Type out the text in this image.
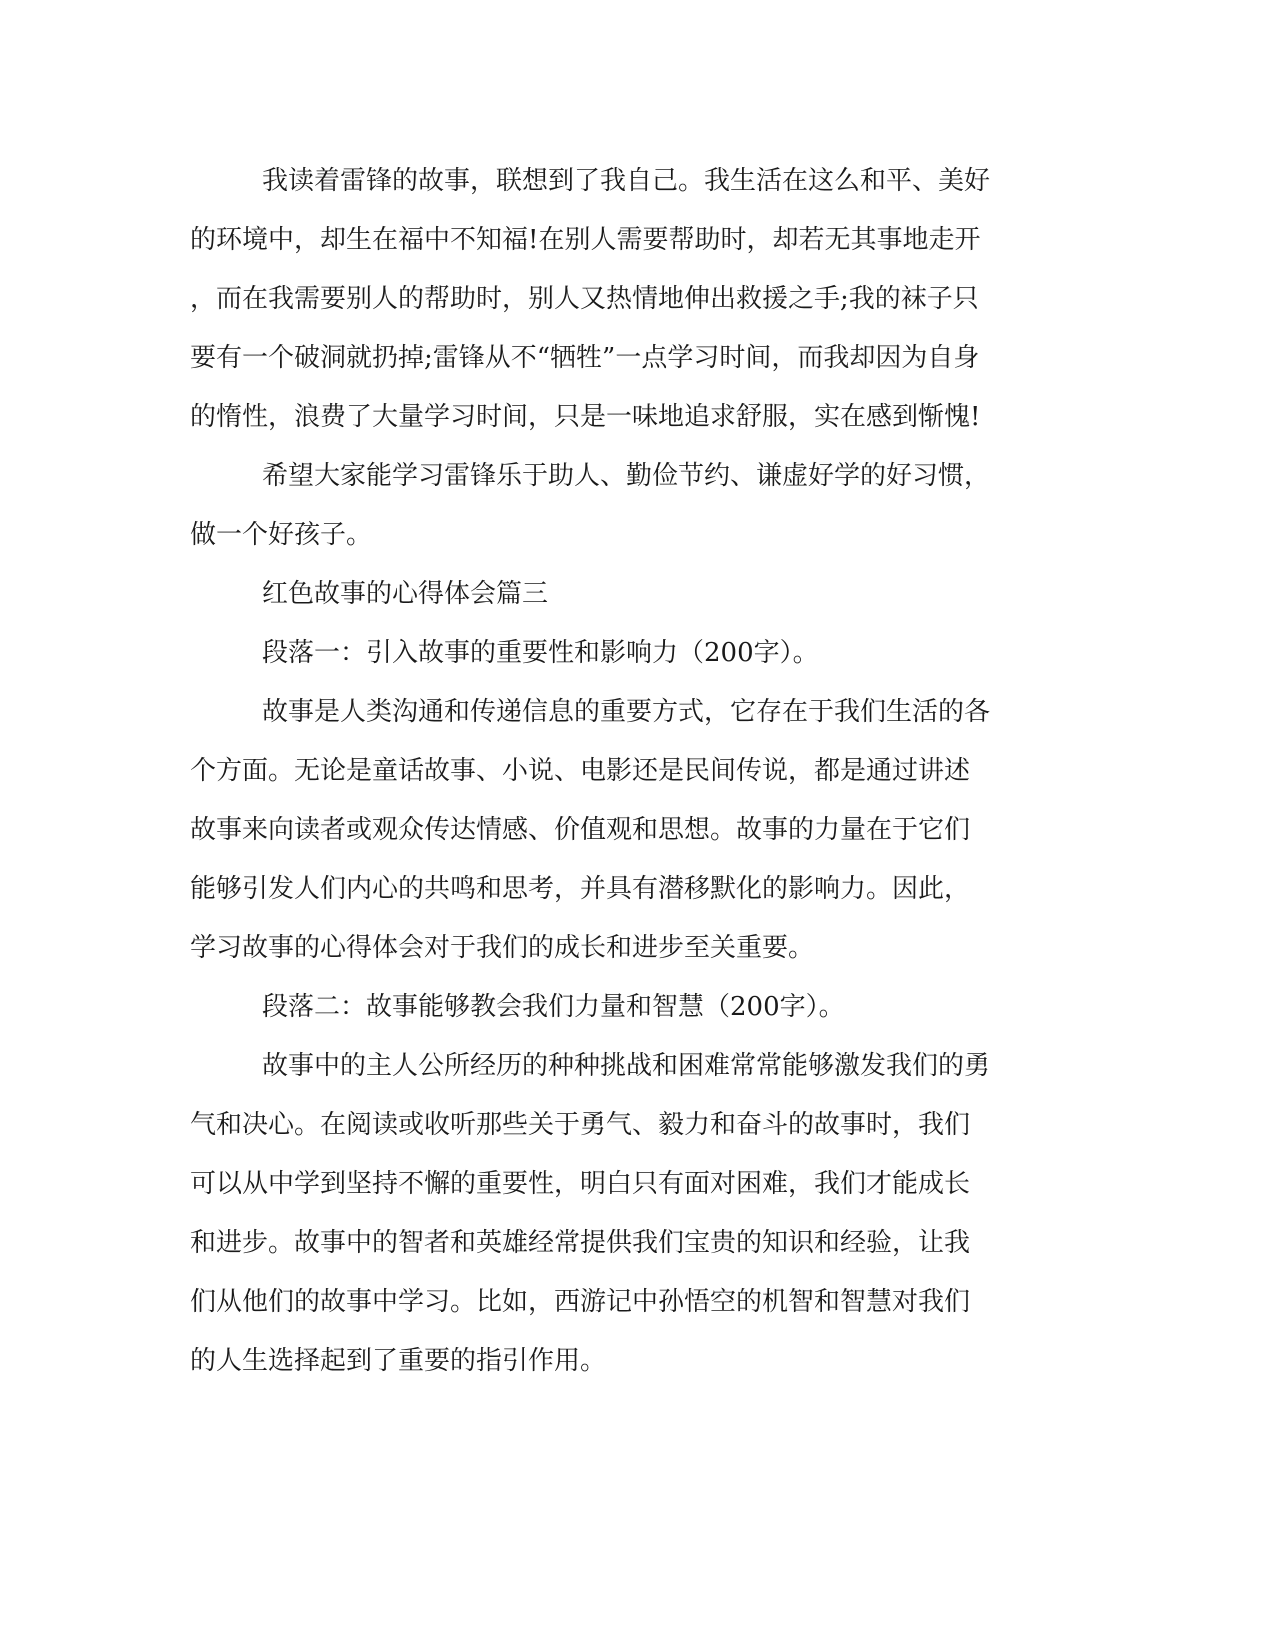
我读着雷锋的故事，联想到了我自己。我生活在这么和平、美好
的环境中，却生在福中不知福!在别人需要帮助时，却若无其事地走开
，而在我需要别人的帮助时，别人又热情地伸出救援之手;我的袜子只
要有一个破洞就扔掉;雷锋从不“牺牲”一点学习时间，而我却因为自身
的惰性，浪费了大量学习时间，只是一味地追求舒服，实在感到惭愧!
希望大家能学习雷锋乐于助人、勤俭节约、谦虚好学的好习惯，
做一个好孩子。
红色故事的心得体会篇三
段落一：引入故事的重要性和影响力（200字）。
故事是人类沟通和传递信息的重要方式，它存在于我们生活的各
个方面。无论是童话故事、小说、电影还是民间传说，都是通过讲述
故事来向读者或观众传达情感、价值观和思想。故事的力量在于它们
能够引发人们内心的共鸣和思考，并具有潜移默化的影响力。因此，
学习故事的心得体会对于我们的成长和进步至关重要。
段落二：故事能够教会我们力量和智慧（200字）。
故事中的主人公所经历的种种挑战和困难常常能够激发我们的勇
气和决心。在阅读或收听那些关于勇气、毅力和奋斗的故事时，我们
可以从中学到坚持不懈的重要性，明白只有面对困难，我们才能成长
和进步。故事中的智者和英雄经常提供我们宝贵的知识和经验，让我
们从他们的故事中学习。比如，西游记中孙悟空的机智和智慧对我们
的人生选择起到了重要的指引作用。
